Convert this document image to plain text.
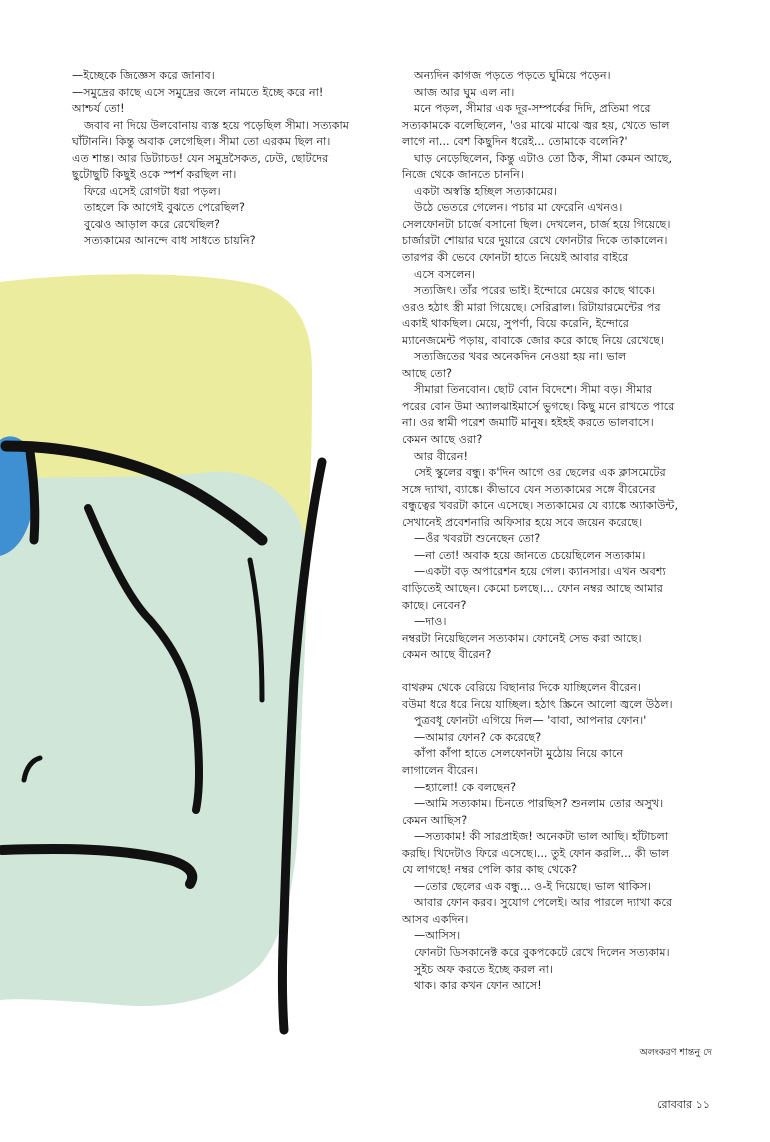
—ইচ্ছেকে জিজ্ঞেস করে জানাব।

—সমুদ্রের কাছে এসে সমুদ্রের জলে নামতে ইচ্ছে করে না!

আশ্চর্য তো!

জবাব না দিয়ে উলবোনায় ব্যস্ত হয়ে পড়েছিল সীমা। সত্যকাম

ঘাঁটাননি। কিন্তু অবাক লেগেছিল। সীমা তো এরকম ছিল না।

এত শান্ত। আর ডিট্যাচড! যেন সমুদ্রসৈকত, ঢেউ, ছোটদের

ছুটোছুটি কিছুই ওকে স্পর্শ করছিল না।

ফিরে এসেই রোগটা ধরা পড়ল।

তাহলে কি আগেই বুঝতে পেরেছিল?

বুঝেও আড়াল করে রেখেছিল?

সত্যকামের আনন্দে বাধ সাধতে চায়নি?

অন্যদিন কাগজ পড়তে পড়তে ঘুমিয়ে পড়েন।

আজ আর ঘুম এল না।

মনে পড়ল, সীমার এক দূর-সম্পর্কের দিদি, প্রতিমা পরে

সত্যকামকে বলেছিলেন, 'ওর মাঝে মাঝে জ্বর হয়, খেতে ভাল

লাগে না... বেশ কিছুদিন ধরেই... তোমাকে বলেনি?'

ঘাড় নেড়েছিলেন, কিন্তু এটাও তো ঠিক, সীমা কেমন আছে,

নিজে থেকে জানতে চাননি।

একটা অস্বস্তি হচ্ছিল সত্যকামের।

উঠে ভেতরে গেলেন। পচার মা ফেরেনি এখনও।

সেলফোনটা চার্জে বসানো ছিল। দেখলেন, চার্জ হয়ে গিয়েছে।

চার্জারটা শোয়ার ঘরে দুয়ারে রেখে ফোনটার দিকে তাকালেন।

তারপর কী ভেবে ফোনটা হাতে নিয়েই আবার বাইরে

এসে বসলেন।

সত্যজিৎ। তাঁর পরের ভাই। ইন্দোরে মেয়ের কাছে থাকে।

ওরও হঠাৎ স্ত্রী মারা গিয়েছে। সেরিব্রাল। রিটায়ারমেন্টের পর

একাই থাকছিল। মেয়ে, সুপর্ণা, বিয়ে করেনি, ইন্দোরে

ম্যানেজমেন্ট পড়ায়, বাবাকে জোর করে কাছে নিয়ে রেখেছে।

সত্যজিতের খবর অনেকদিন নেওয়া হয় না। ভাল

আছে তো?

সীমারা তিনবোন। ছোট বোন বিদেশে। সীমা বড়। সীমার

পরের বোন উমা অ্যালঝাইমার্সে ভুগছে। কিছু মনে রাখতে পারে

না। ওর স্বামী পরেশ জমাটি মানুষ। হইহই করতে ভালবাসে।

কেমন আছে ওরা?

আর বীরেন!

সেই স্কুলের বন্ধু। ক'দিন আগে ওর ছেলের এক ক্লাসমেটের

সঙ্গে দ্যাখা, ব্যাঙ্কে। কীভাবে যেন সত্যকামের সঙ্গে বীরেনের

বন্ধুত্বের খবরটা কানে এসেছে। সত্যকামের যে ব্যাঙ্কে অ্যাকাউন্ট,

সেখানেই প্রবেশনারি অফিসার হয়ে সবে জয়েন করেছে।

—ওঁর খবরটা শুনেছেন তো?

—না তো! অবাক হয়ে জানতে চেয়েছিলেন সত্যকাম।

—একটা বড় অপারেশন হয়ে গেল। ক্যানসার। এখন অবশ্য

বাড়িতেই আছেন। কেমো চলছে।... ফোন নম্বর আছে আমার

কাছে। নেবেন?

—দাও।

নম্বরটা নিয়েছিলেন সত্যকাম। ফোনেই সেভ করা আছে।

কেমন আছে বীরেন?

বাথরুম থেকে বেরিয়ে বিছানার দিকে যাচ্ছিলেন বীরেন।

বউমা ধরে ধরে নিয়ে যাচ্ছিল। হঠাৎ স্ক্রিনে আলো জ্বলে উঠল।

পুত্রবধূ ফোনটা এগিয়ে দিল— 'বাবা, আপনার ফোন।'

—আমার ফোন? কে করেছে?

কাঁপা কাঁপা হাতে সেলফোনটা মুঠোয় নিয়ে কানে

লাগালেন বীরেন।

—হ্যালো! কে বলছেন?

—আমি সত্যকাম। চিনতে পারছিস? শুনলাম তোর অসুখ।

কেমন আছিস?

—সত্যকাম! কী সারপ্রাইজ! অনেকটা ভাল আছি। হাঁটাচলা

করছি। খিদেটাও ফিরে এসেছে।... তুই ফোন করলি... কী ভাল

যে লাগছে! নম্বর পেলি কার কাছ থেকে?

—তোর ছেলের এক বন্ধু... ও-ই দিয়েছে। ভাল থাকিস।

আবার ফোন করব। সুযোগ পেলেই। আর পারলে দ্যাখা করে

আসব একদিন।

—আসিস।

ফোনটা ডিসকানেক্ট করে বুকপকেটে রেখে দিলেন সত্যকাম।

সুইচ অফ করতে ইচ্ছে করল না।

থাক। কার কখন ফোন আসে!

অলংকরণ শান্তনু দে
রোববার ১১
